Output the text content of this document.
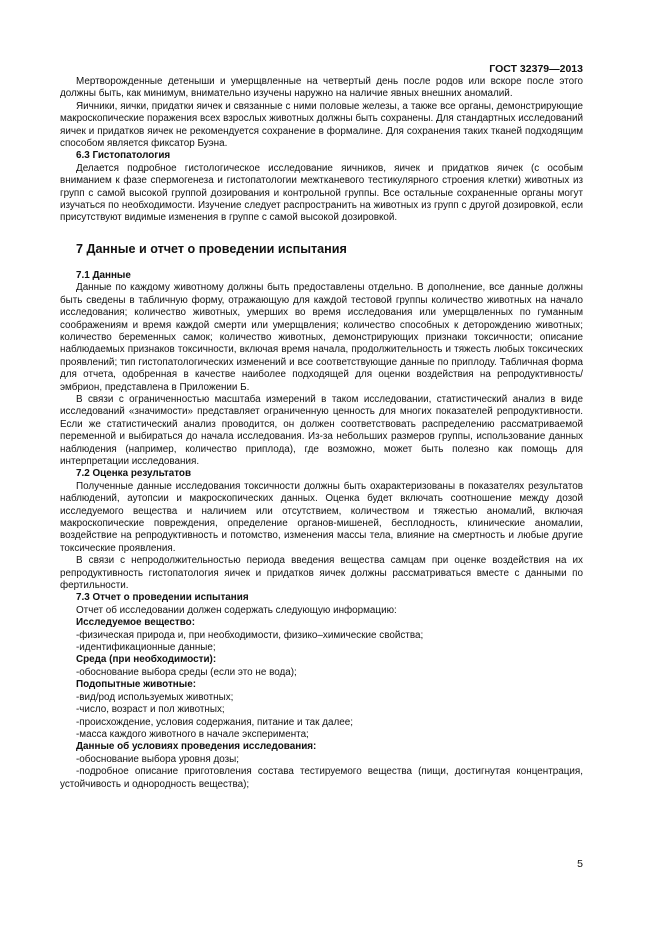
ГОСТ 32379—2013

Мертворожденные детеныши и умерщвленные на четвертый день после родов или вскоре после этого должны быть, как минимум, внимательно изучены наружно на наличие явных внешних аномалий.

Яичники, яички, придатки яичек и связанные с ними половые железы, а также все органы, демонстрирующие макроскопические поражения всех взрослых животных должны быть сохранены. Для стандартных исследований яичек и придатков яичек не рекомендуется сохранение в формалине. Для сохранения таких тканей подходящим способом является фиксатор Буэна.

6.3 Гистопатология

Делается подробное гистологическое исследование яичников, яичек и придатков яичек (с особым вниманием к фазе спермогенеза и гистопатологии межтканевого тестикулярного строения клетки) животных из групп с самой высокой группой дозирования и контрольной группы. Все остальные сохраненные органы могут изучаться по необходимости. Изучение следует распространить на животных из групп с другой дозировкой, если присутствуют видимые изменения в группе с самой высокой дозировкой.

7 Данные и отчет о проведении испытания

7.1 Данные

Данные по каждому животному должны быть предоставлены отдельно. В дополнение, все данные должны быть сведены в табличную форму, отражающую для каждой тестовой группы количество животных на начало исследования; количество животных, умерших во время исследования или умерщвленных по гуманным соображениям и время каждой смерти или умерщвления; количество способных к деторождению животных; количество беременных самок; количество животных, демонстрирующих признаки токсичности; описание наблюдаемых признаков токсичности, включая время начала, продолжительность и тяжесть любых токсических проявлений; тип гистопатологических изменений и все соответствующие данные по приплоду. Табличная форма для отчета, одобренная в качестве наиболее подходящей для оценки воздействия на репродуктивность/эмбрион, представлена в Приложении Б.

В связи с ограниченностью масштаба измерений в таком исследовании, статистический анализ в виде исследований «значимости» представляет ограниченную ценность для многих показателей репродуктивности. Если же статистический анализ проводится, он должен соответствовать распределению рассматриваемой переменной и выбираться до начала исследования. Из-за небольших размеров группы, использование данных наблюдения (например, количество приплода), где возможно, может быть полезно как помощь для интерпретации исследования.

7.2 Оценка результатов

Полученные данные исследования токсичности должны быть охарактеризованы в показателях результатов наблюдений, аутопсии и макроскопических данных. Оценка будет включать соотношение между дозой исследуемого вещества и наличием или отсутствием, количеством и тяжестью аномалий, включая макроскопические повреждения, определение органов-мишеней, бесплодность, клинические аномалии, воздействие на репродуктивность и потомство, изменения массы тела, влияние на смертность и любые другие токсические проявления.

В связи с непродолжительностью периода введения вещества самцам при оценке воздействия на их репродуктивность гистопатология яичек и придатков яичек должны рассматриваться вместе с данными по фертильности.

7.3 Отчет о проведении испытания

Отчет об исследовании должен содержать следующую информацию:

Исследуемое вещество:

-физическая природа и, при необходимости, физико–химические свойства;

-идентификационные данные;

Среда (при необходимости):

-обоснование выбора среды (если это не вода);

Подопытные животные:

-вид/род используемых животных;

-число, возраст и пол животных;

-происхождение, условия содержания, питание и так далее;

-масса каждого животного в начале эксперимента;

Данные об условиях проведения исследования:

-обоснование выбора уровня дозы;

-подробное описание приготовления состава тестируемого вещества (пищи, достигнутая концентрация, устойчивость и однородность вещества);

5
